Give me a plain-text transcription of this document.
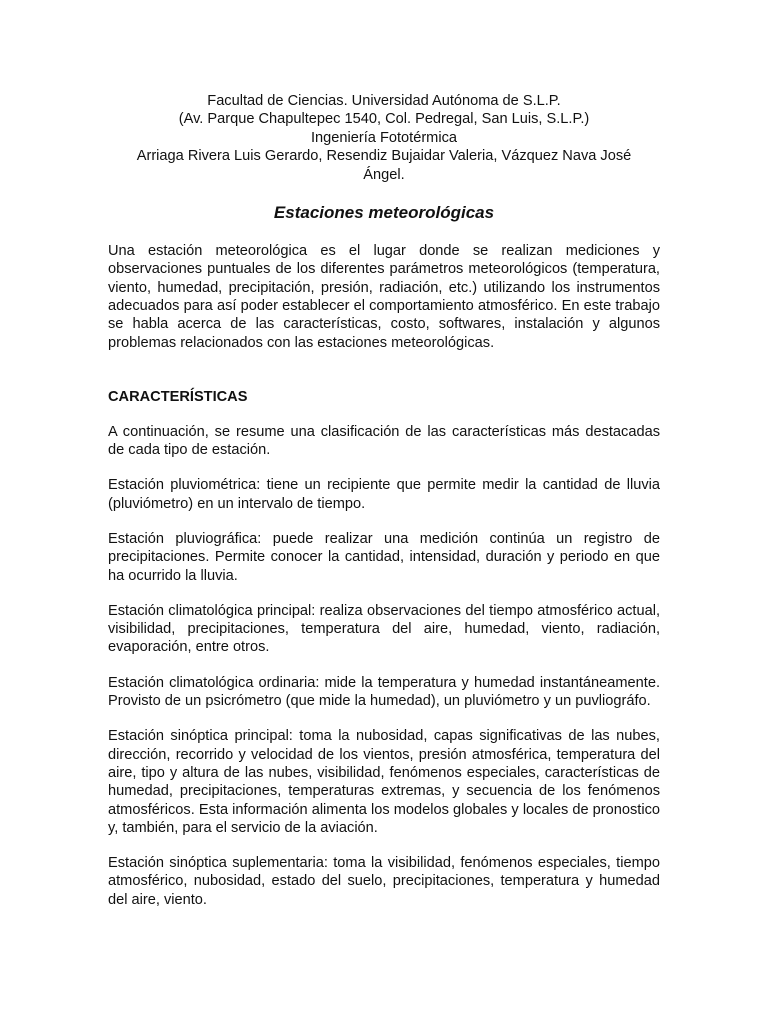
Facultad de Ciencias. Universidad Autónoma de S.L.P.

(Av. Parque Chapultepec 1540, Col. Pedregal, San Luis, S.L.P.)

Ingeniería Fototérmica

Arriaga Rivera Luis Gerardo, Resendiz Bujaidar Valeria, Vázquez Nava José

Ángel.

Estaciones meteorológicas

Una estación meteorológica es el lugar donde se realizan mediciones y observaciones puntuales de los diferentes parámetros meteorológicos (temperatura, viento, humedad, precipitación, presión, radiación, etc.) utilizando los instrumentos adecuados para así poder establecer el comportamiento atmosférico. En este trabajo se habla acerca de las características, costo, softwares, instalación y algunos problemas relacionados con las estaciones meteorológicas.

CARACTERÍSTICAS

A continuación, se resume una clasificación de las características más destacadas de cada tipo de estación.

Estación pluviométrica: tiene un recipiente que permite medir la cantidad de lluvia (pluviómetro) en un intervalo de tiempo.

Estación pluviográfica: puede realizar una medición continúa un registro de precipitaciones. Permite conocer la cantidad, intensidad, duración y periodo en que ha ocurrido la lluvia.

Estación climatológica principal: realiza observaciones del tiempo atmosférico actual, visibilidad, precipitaciones, temperatura del aire, humedad, viento, radiación, evaporación, entre otros.

Estación climatológica ordinaria: mide la temperatura y humedad instantáneamente. Provisto de un psicrómetro (que mide la humedad), un pluviómetro y un puvliográfo.

Estación sinóptica principal: toma la nubosidad, capas significativas de las nubes, dirección, recorrido y velocidad de los vientos, presión atmosférica, temperatura del aire, tipo y altura de las nubes, visibilidad, fenómenos especiales, características de humedad, precipitaciones, temperaturas extremas, y secuencia de los fenómenos atmosféricos. Esta información alimenta los modelos globales y locales de pronostico y, también, para el servicio de la aviación.

Estación sinóptica suplementaria: toma la visibilidad, fenómenos especiales, tiempo atmosférico, nubosidad, estado del suelo, precipitaciones, temperatura y humedad del aire, viento.
